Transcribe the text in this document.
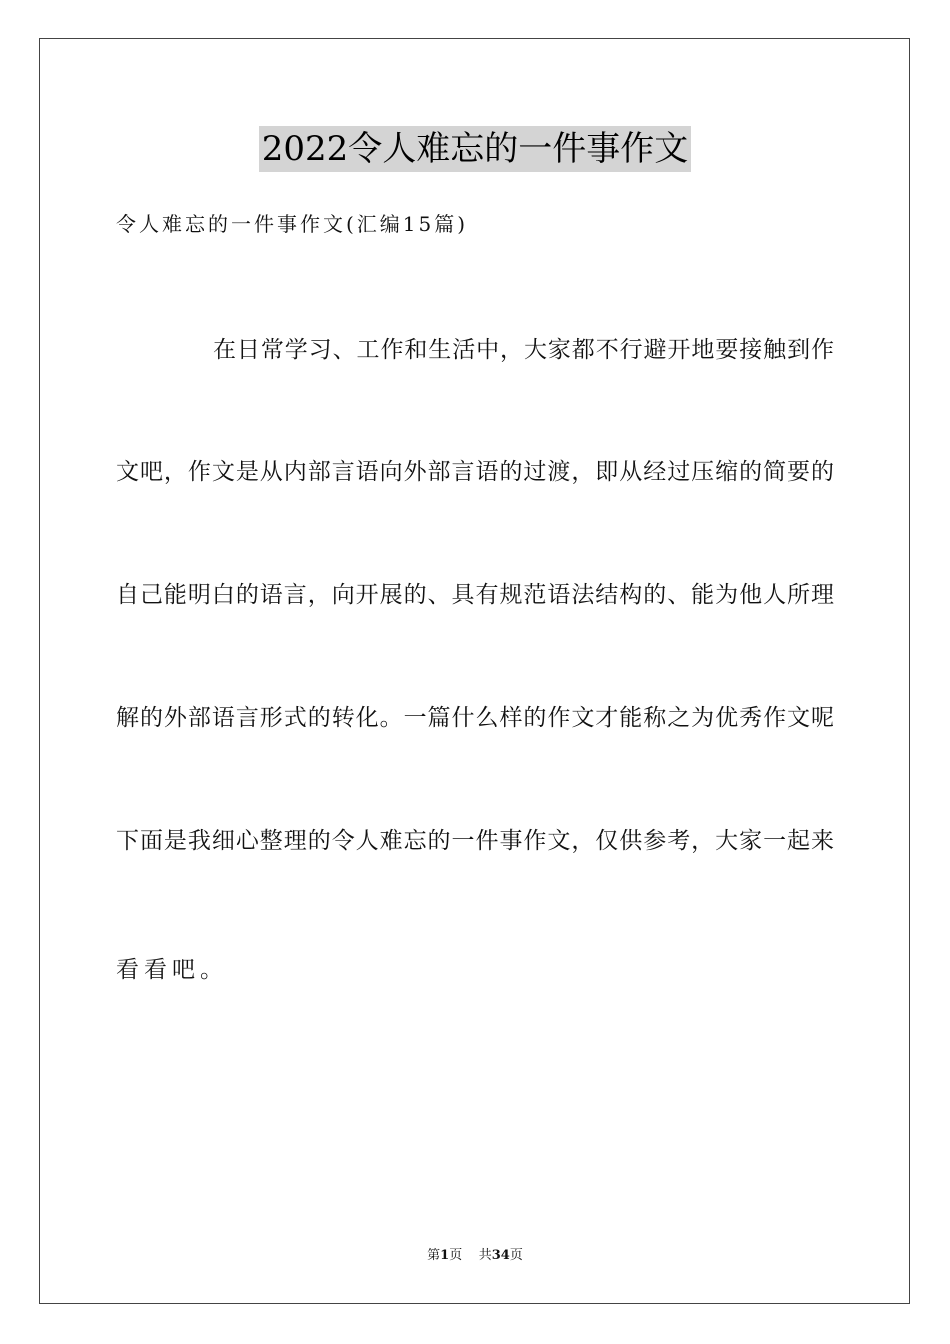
2022令人难忘的一件事作文
令人难忘的一件事作文(汇编15篇)
在日常学习、工作和生活中，大家都不行避开地要接触到作
文吧，作文是从内部言语向外部言语的过渡，即从经过压缩的简要的
自己能明白的语言，向开展的、具有规范语法结构的、能为他人所理
解的外部语言形式的转化。一篇什么样的作文才能称之为优秀作文呢
下面是我细心整理的令人难忘的一件事作文，仅供参考，大家一起来
看看吧。
第1页 共34页
